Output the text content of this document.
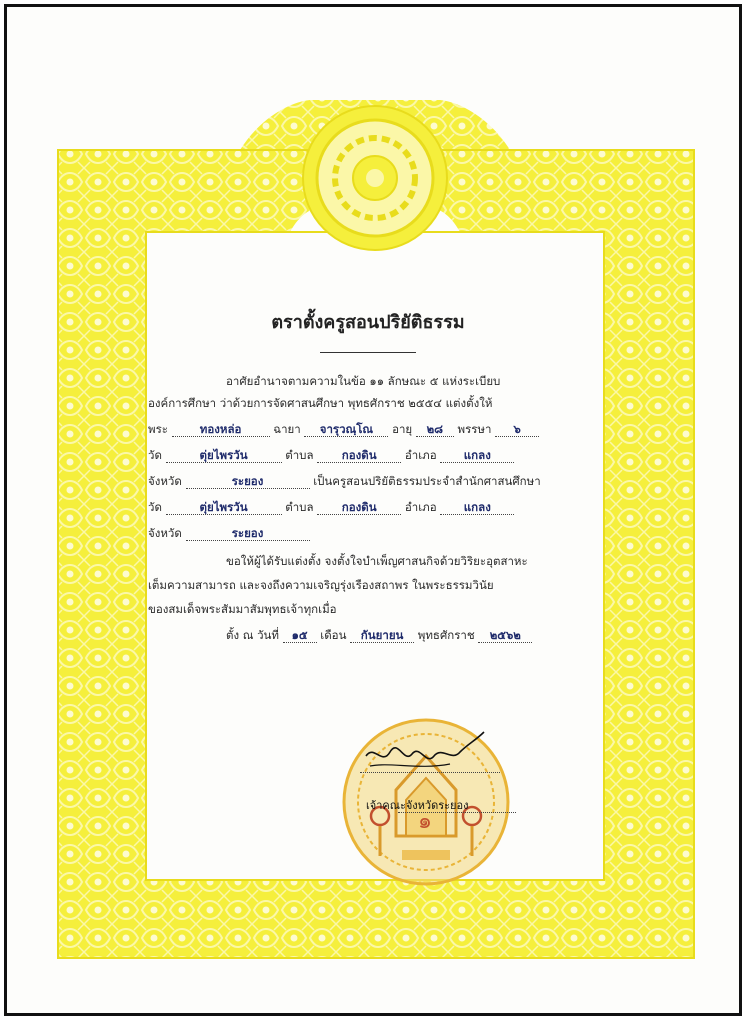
ตราตั้งครูสอนปริยัติธรรม
อาศัยอำนาจตามความในข้อ ๑๑ ลักษณะ ๕ แห่งระเบียบ
องค์การศึกษา ว่าด้วยการจัดศาสนศึกษา พุทธศักราช ๒๕๕๔ แต่งตั้งให้
พระ	ทองหล่อ	ฉายา จารุวณฺโณ อายุ ๒๘ พรรษา ๖
วัด	ตุ่ยไพรวัน	ตำบล กองดิน อำเภอ แกลง
จังหวัด	ระยอง	เป็นครูสอนปริยัติธรรมประจำสำนักศาสนศึกษา
วัด	ตุ่ยไพรวัน	ตำบล กองดิน อำเภอ แกลง
จังหวัด	ระยอง
ขอให้ผู้ได้รับแต่งตั้ง จงตั้งใจบำเพ็ญศาสนกิจด้วยวิริยะอุตสาหะ
เต็มความสามารถ และจงถึงความเจริญรุ่งเรืองสถาพร ในพระธรรมวินัย
ของสมเด็จพระสัมมาสัมพุทธเจ้าทุกเมื่อ
ตั้ง ณ วันที่ ๑๕ เดือน กันยายน พุทธศักราช ๒๕๖๒
๑
เจ้าคณะจังหวัดระยอง
